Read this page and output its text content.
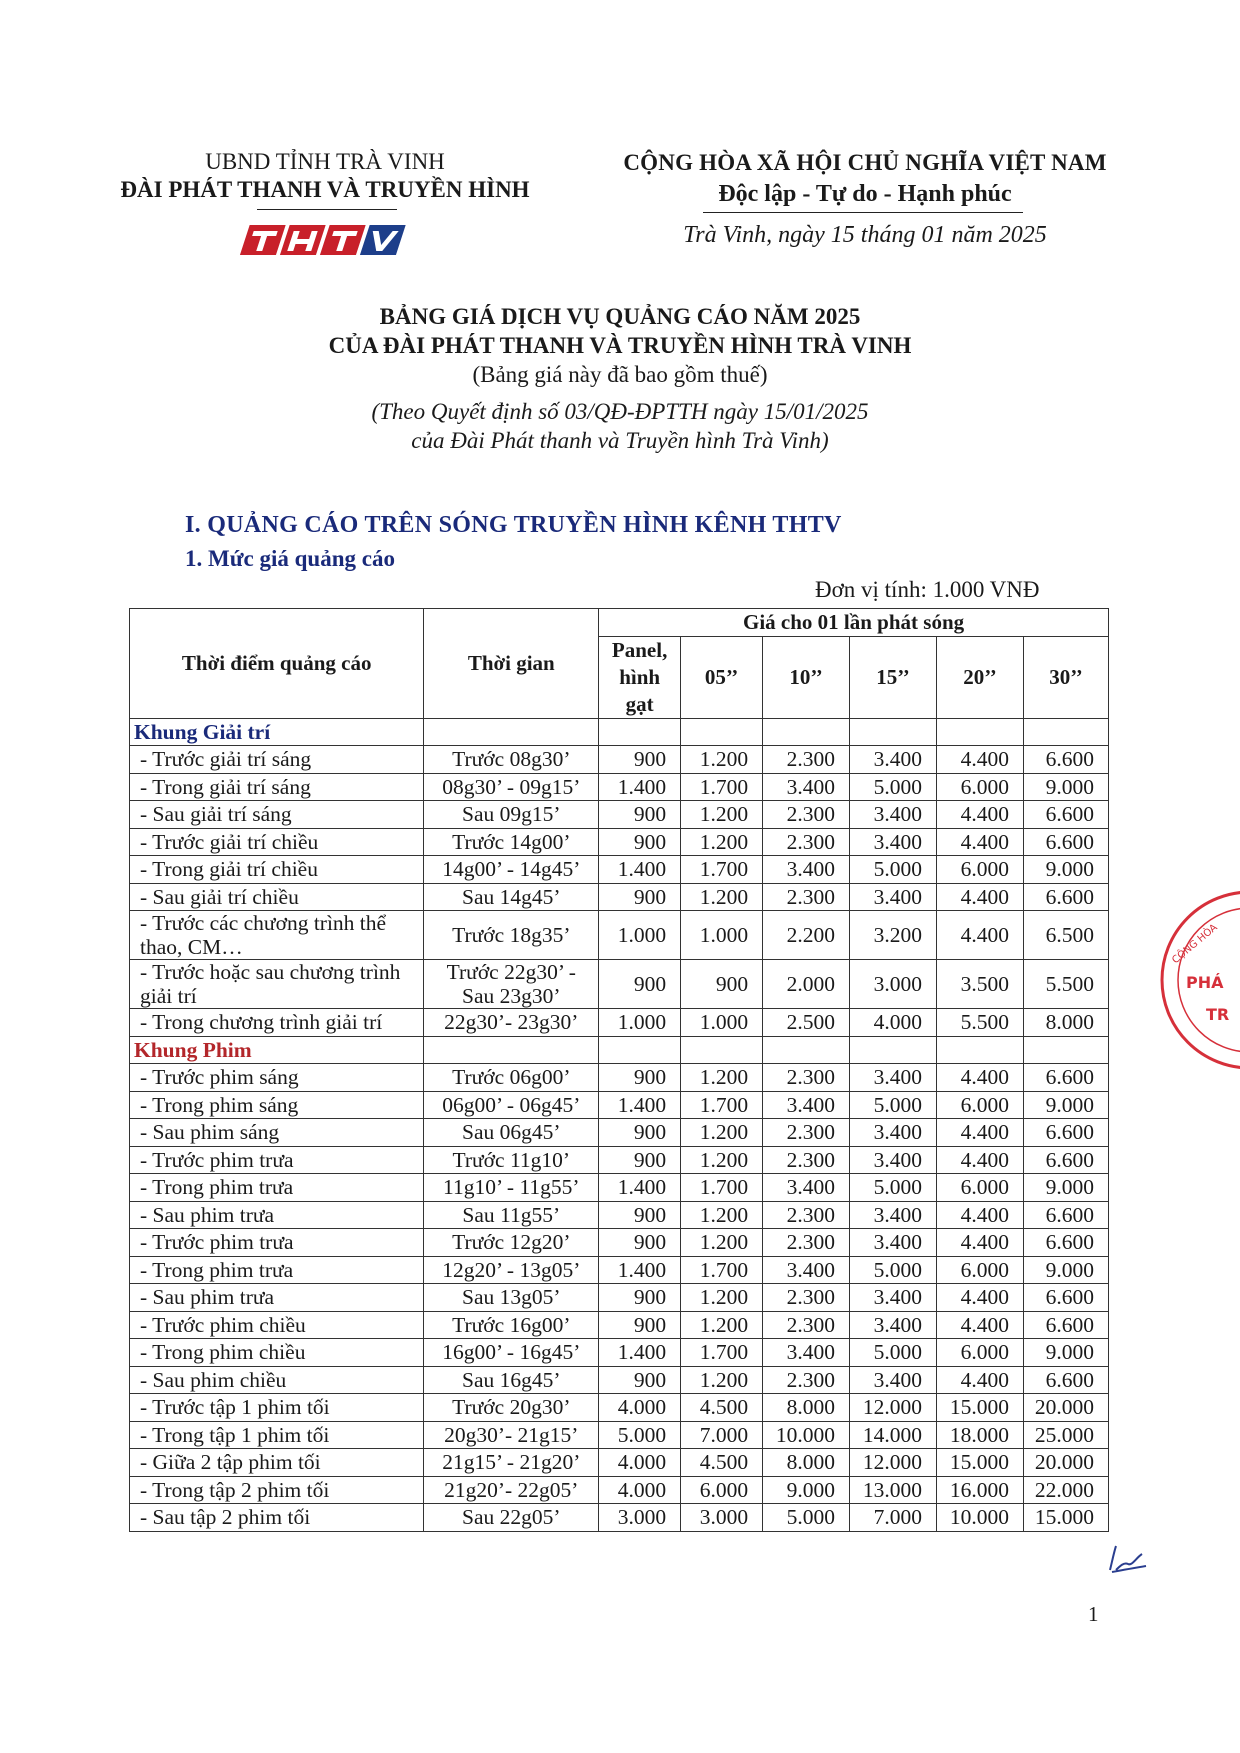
UBND TỈNH TRÀ VINH
ĐÀI PHÁT THANH VÀ TRUYỀN HÌNH
CỘNG HÒA XÃ HỘI CHỦ NGHĨA VIỆT NAM
Độc lập - Tự do - Hạnh phúc
Trà Vinh, ngày 15 tháng 01 năm 2025
BẢNG GIÁ DỊCH VỤ QUẢNG CÁO NĂM 2025
CỦA ĐÀI PHÁT THANH VÀ TRUYỀN HÌNH TRÀ VINH
(Bảng giá này đã bao gồm thuế)
(Theo Quyết định số 03/QĐ-ĐPTTH ngày 15/01/2025
của Đài Phát thanh và Truyền hình Trà Vinh)
I. QUẢNG CÁO TRÊN SÓNG TRUYỀN HÌNH KÊNH THTV
1. Mức giá quảng cáo
Đơn vị tính: 1.000 VNĐ
Thời điểm quảng cáo	Thời gian	Giá cho 01 lần phát sóng					
		Panel, hình gạt	05’’	10’’	15’’	20’’	30’’
Khung Giải trí							
- Trước giải trí sáng	Trước 08g30’	900	1.200	2.300	3.400	4.400	6.600
- Trong giải trí sáng	08g30’ - 09g15’	1.400	1.700	3.400	5.000	6.000	9.000
- Sau giải trí sáng	Sau 09g15’	900	1.200	2.300	3.400	4.400	6.600
- Trước giải trí chiều	Trước 14g00’	900	1.200	2.300	3.400	4.400	6.600
- Trong giải trí chiều	14g00’ - 14g45’	1.400	1.700	3.400	5.000	6.000	9.000
- Sau giải trí chiều	Sau 14g45’	900	1.200	2.300	3.400	4.400	6.600
- Trước các chương trình thể thao, CM…	Trước 18g35’	1.000	1.000	2.200	3.200	4.400	6.500
- Trước hoặc sau chương trình giải trí	Trước 22g30’ - Sau 23g30’	900	900	2.000	3.000	3.500	5.500
- Trong chương trình giải trí	22g30’- 23g30’	1.000	1.000	2.500	4.000	5.500	8.000
Khung Phim							
- Trước phim sáng	Trước 06g00’	900	1.200	2.300	3.400	4.400	6.600
- Trong phim sáng	06g00’ - 06g45’	1.400	1.700	3.400	5.000	6.000	9.000
- Sau phim sáng	Sau 06g45’	900	1.200	2.300	3.400	4.400	6.600
- Trước phim trưa	Trước 11g10’	900	1.200	2.300	3.400	4.400	6.600
- Trong phim trưa	11g10’ - 11g55’	1.400	1.700	3.400	5.000	6.000	9.000
- Sau phim trưa	Sau 11g55’	900	1.200	2.300	3.400	4.400	6.600
- Trước phim trưa	Trước 12g20’	900	1.200	2.300	3.400	4.400	6.600
- Trong phim trưa	12g20’ - 13g05’	1.400	1.700	3.400	5.000	6.000	9.000
- Sau phim trưa	Sau 13g05’	900	1.200	2.300	3.400	4.400	6.600
- Trước phim chiều	Trước 16g00’	900	1.200	2.300	3.400	4.400	6.600
- Trong phim chiều	16g00’ - 16g45’	1.400	1.700	3.400	5.000	6.000	9.000
- Sau phim chiều	Sau 16g45’	900	1.200	2.300	3.400	4.400	6.600
- Trước tập 1 phim tối	Trước 20g30’	4.000	4.500	8.000	12.000	15.000	20.000
- Trong tập 1 phim tối	20g30’- 21g15’	5.000	7.000	10.000	14.000	18.000	25.000
- Giữa 2 tập phim tối	21g15’ - 21g20’	4.000	4.500	8.000	12.000	15.000	20.000
- Trong tập 2 phim tối	21g20’- 22g05’	4.000	6.000	9.000	13.000	16.000	22.000
- Sau tập 2 phim tối	Sau 22g05’	3.000	3.000	5.000	7.000	10.000	15.000
1
PHÁ
TR
CỘNG HÒA
